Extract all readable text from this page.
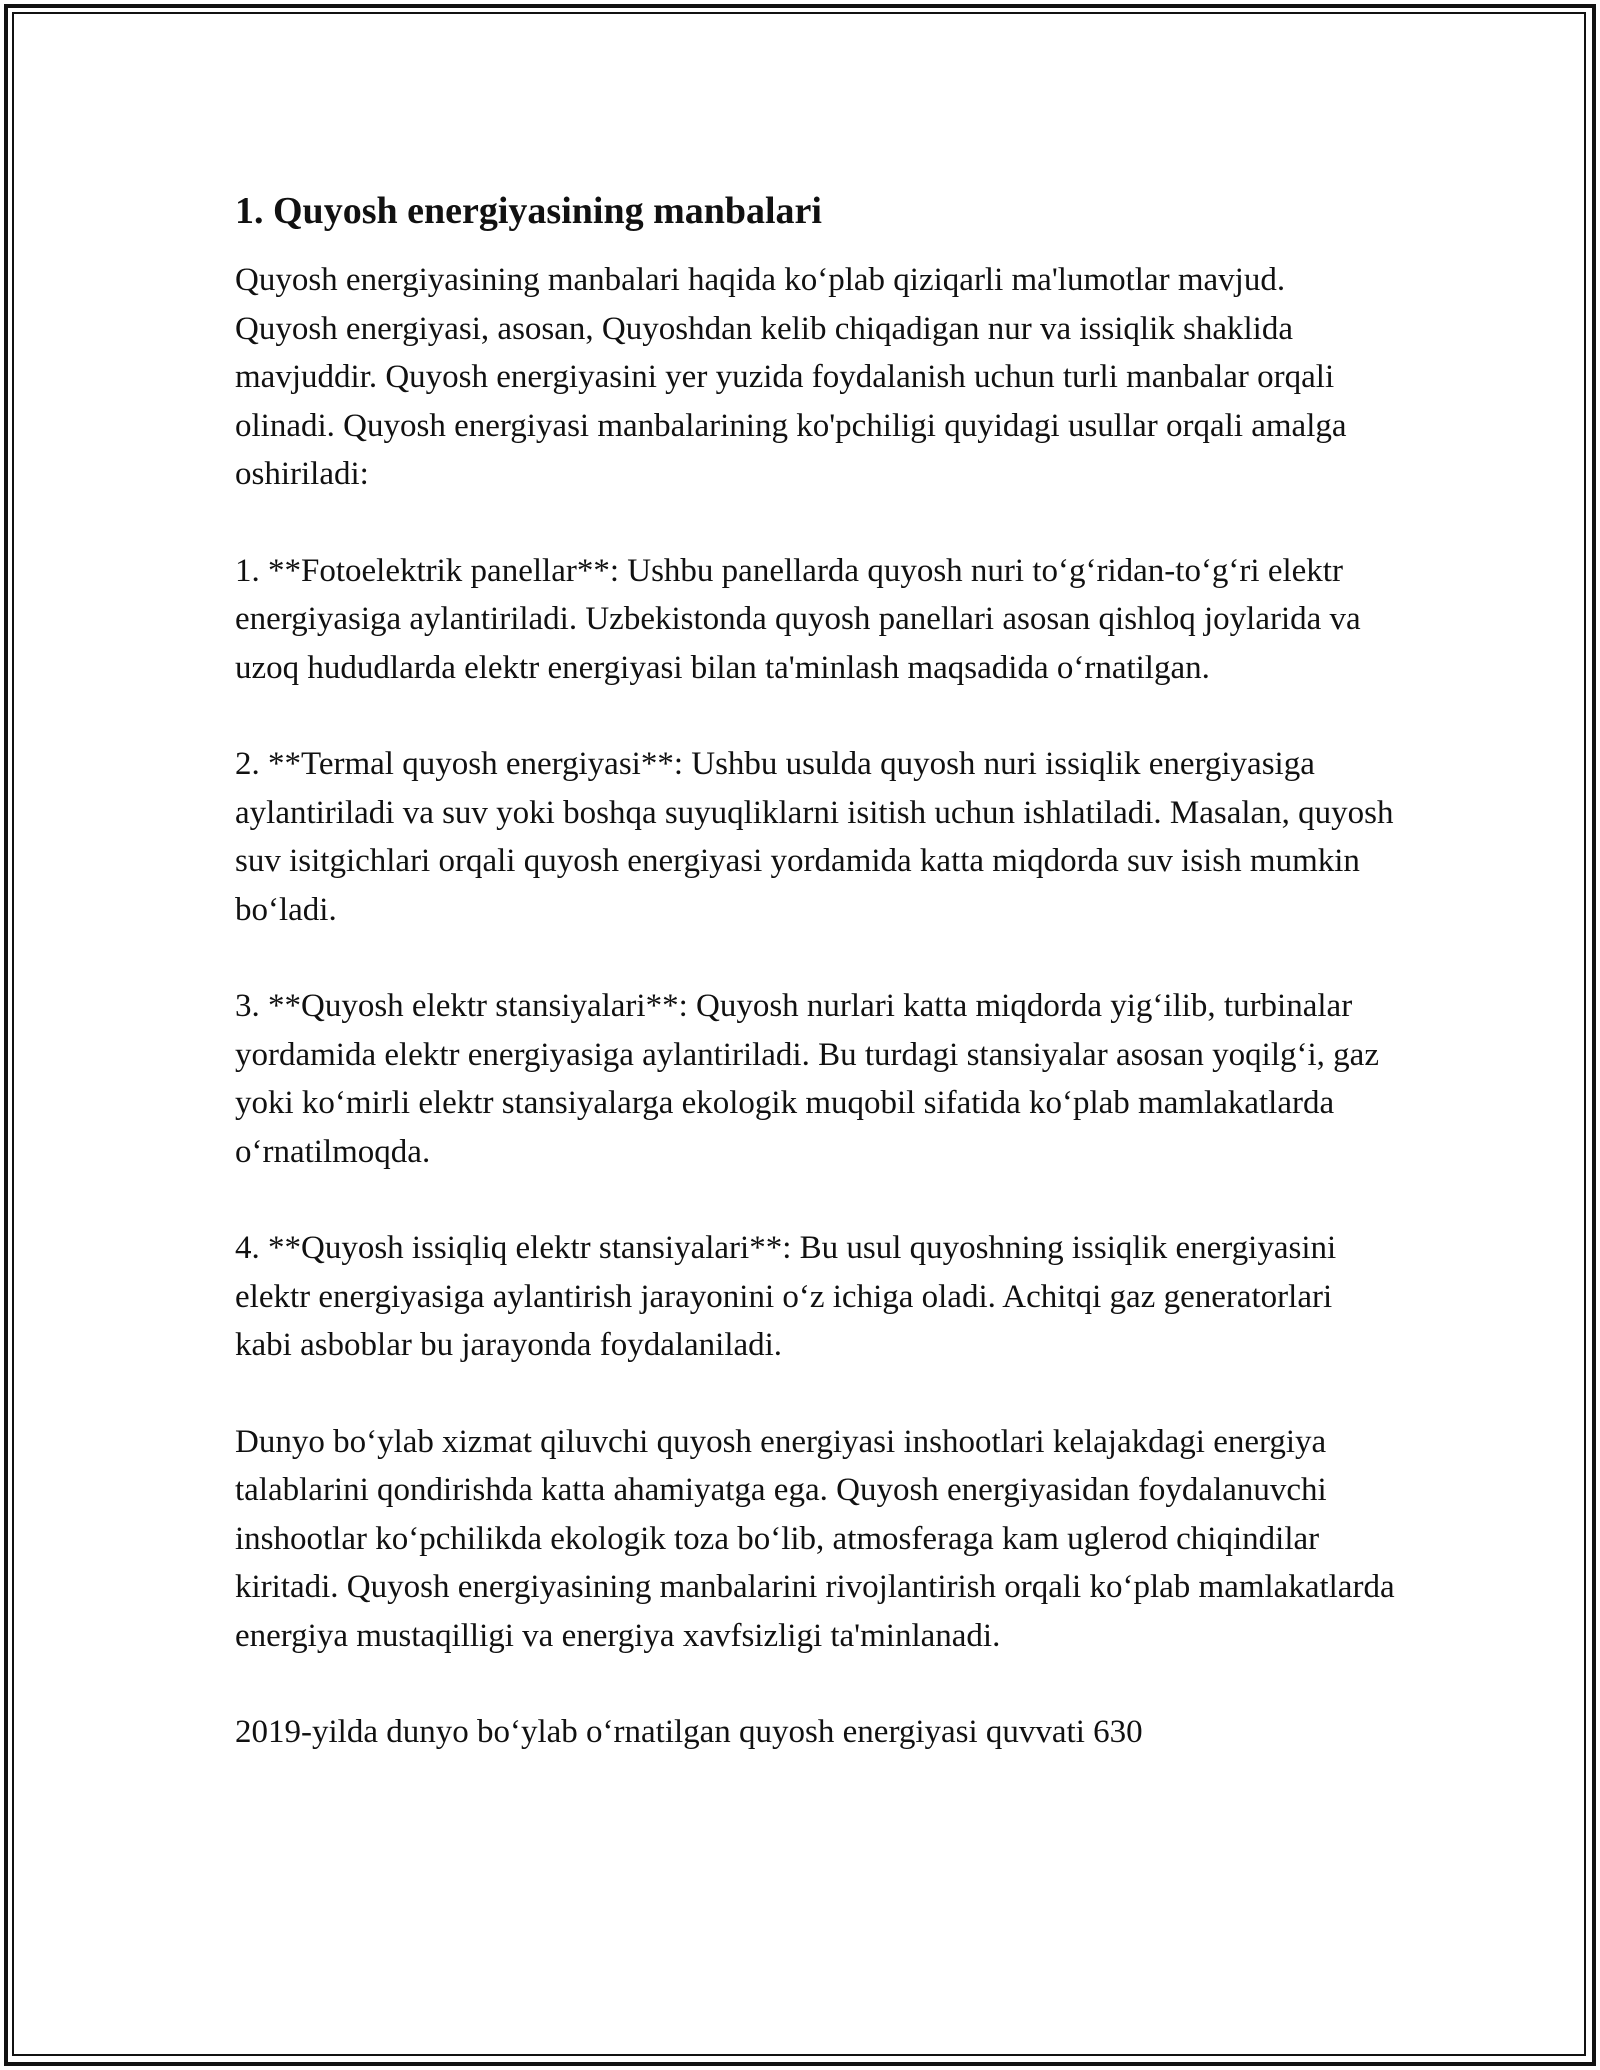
1. Quyosh energiyasining manbalari

Quyosh energiyasining manbalari haqida ko‘plab qiziqarli ma'lumotlar mavjud. Quyosh energiyasi, asosan, Quyoshdan kelib chiqadigan nur va issiqlik shaklida mavjuddir. Quyosh energiyasini yer yuzida foydalanish uchun turli manbalar orqali olinadi. Quyosh energiyasi manbalarining ko'pchiligi quyidagi usullar orqali amalga oshiriladi:

1. **Fotoelektrik panellar**: Ushbu panellarda quyosh nuri to‘g‘ridan-to‘g‘ri elektr energiyasiga aylantiriladi. Uzbekistonda quyosh panellari asosan qishloq joylarida va uzoq hududlarda elektr energiyasi bilan ta'minlash maqsadida o‘rnatilgan.

2. **Termal quyosh energiyasi**: Ushbu usulda quyosh nuri issiqlik energiyasiga aylantiriladi va suv yoki boshqa suyuqliklarni isitish uchun ishlatiladi. Masalan, quyosh suv isitgichlari orqali quyosh energiyasi yordamida katta miqdorda suv isish mumkin bo‘ladi.

3. **Quyosh elektr stansiyalari**: Quyosh nurlari katta miqdorda yig‘ilib, turbinalar yordamida elektr energiyasiga aylantiriladi. Bu turdagi stansiyalar asosan yoqilg‘i, gaz yoki ko‘mirli elektr stansiyalarga ekologik muqobil sifatida ko‘plab mamlakatlarda o‘rnatilmoqda.

4. **Quyosh issiqliq elektr stansiyalari**: Bu usul quyoshning issiqlik energiyasini elektr energiyasiga aylantirish jarayonini o‘z ichiga oladi. Achitqi gaz generatorlari kabi asboblar bu jarayonda foydalaniladi.

Dunyo bo‘ylab xizmat qiluvchi quyosh energiyasi inshootlari kelajakdagi energiya talablarini qondirishda katta ahamiyatga ega. Quyosh energiyasidan foydalanuvchi inshootlar ko‘pchilikda ekologik toza bo‘lib, atmosferaga kam uglerod chiqindilar kiritadi. Quyosh energiyasining manbalarini rivojlantirish orqali ko‘plab mamlakatlarda energiya mustaqilligi va energiya xavfsizligi ta'minlanadi.

2019-yilda dunyo bo‘ylab o‘rnatilgan quyosh energiyasi quvvati 630
